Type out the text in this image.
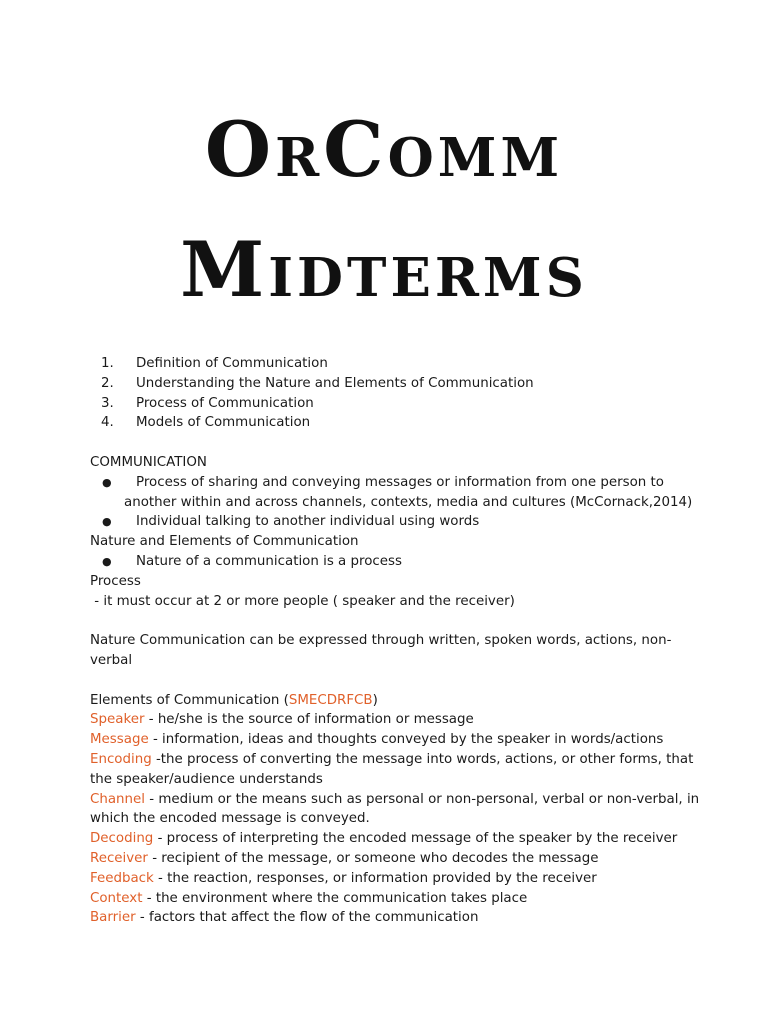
OrComm
Midterms
1.	Definition of Communication
2.	Understanding the Nature and Elements of Communication
3.	Process of Communication
4.	Models of Communication
COMMUNICATION
●	Process of sharing and conveying messages or information from one person to
another within and across channels, contexts, media and cultures (McCornack,2014)
●	Individual talking to another individual using words
Nature and Elements of Communication
●	Nature of a communication is a process
Process
- it must occur at 2 or more people ( speaker and the receiver)
Nature Communication can be expressed through written, spoken words, actions, non-
verbal
Elements of Communication (SMECDRFCB)
Speaker - he/she is the source of information or message
Message - information, ideas and thoughts conveyed by the speaker in words/actions
Encoding -the process of converting the message into words, actions, or other forms, that
the speaker/audience understands
Channel - medium or the means such as personal or non-personal, verbal or non-verbal, in
which the encoded message is conveyed.
Decoding - process of interpreting the encoded message of the speaker by the receiver
Receiver - recipient of the message, or someone who decodes the message
Feedback - the reaction, responses, or information provided by the receiver
Context - the environment where the communication takes place
Barrier - factors that affect the flow of the communication
